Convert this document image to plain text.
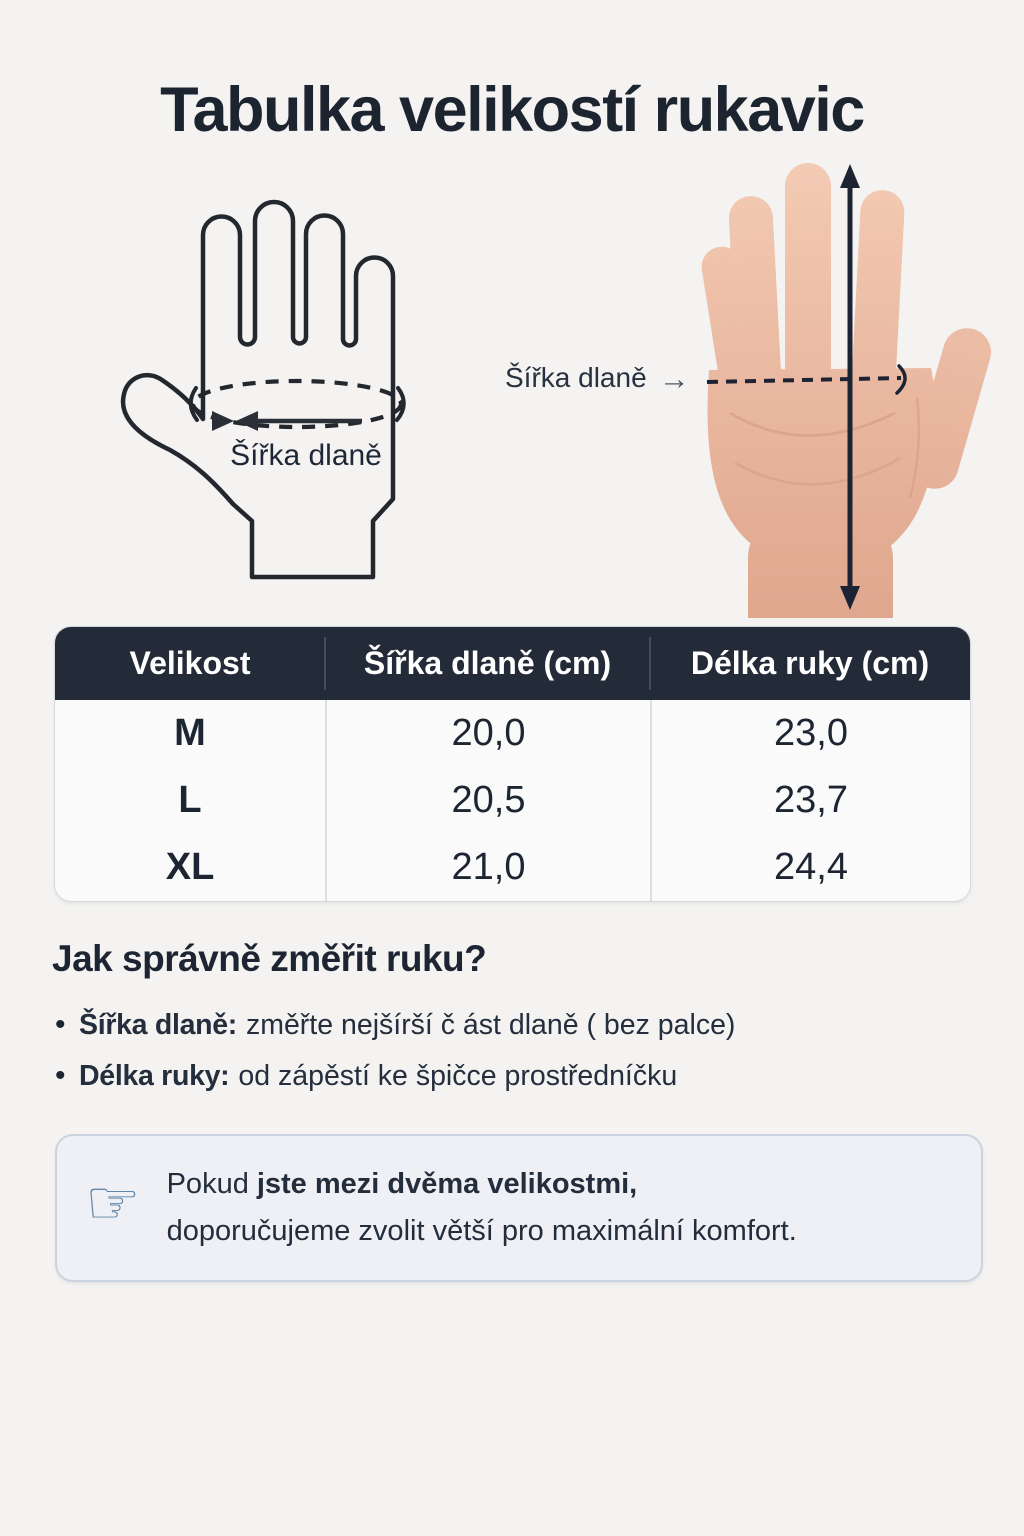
Tabulka velikostí rukavic
Šířka dlaně
Šířka dlaně →
Velikost	Šířka dlaně (cm)	Délka ruky (cm)
M	20,0	23,0
L	20,5	23,7
XL	21,0	24,4
Jak správně změřit ruku?
• Šířka dlaně: změřte nejšírší č ást dlaně ( bez palce)
• Délka ruky: od zápěstí ke špičce prostředníčku
☞ Pokud jste mezi dvěma velikostmi,
doporučujeme zvolit větší pro maximální komfort.
